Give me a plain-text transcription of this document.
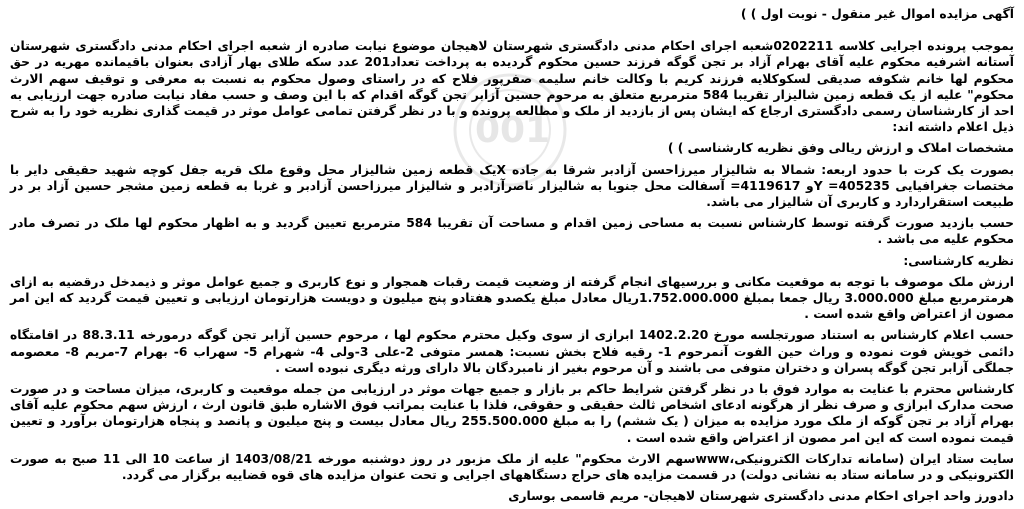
001

آگهی مزایده اموال غیر منقول - نوبت اول ) )

بموجب پرونده اجرایی کلاسه 0202211شعبه اجرای احکام مدنی دادگستری شهرستان لاهیجان موضوع نیابت صادره از شعبه اجرای احکام مدنی دادگستری شهرستان آستانه اشرفیه محکوم علیه آقای بهرام آزاد بر تجن گوگه فرزند حسین محکوم گردیده به پرداخت تعداد201 عدد سکه طلای بهار آزادی بعنوان باقیمانده مهریه در حق محکوم لها خانم شکوفه صدیقی لسکوکلایه فرزند کریم با وکالت خانم سلیمه صفرپور فلاح که در راستای وصول محکوم به نسبت به معرفی و توقیف سهم الارث محکوم" علیه از یک قطعه زمین شالیزار تقریبا 584 مترمربع متعلق به مرحوم حسین آزابر تجن گوگه اقدام که با این وصف و حسب مفاد نیابت صادره جهت ارزیابی به احد از کارشناسان رسمی دادگستری ارجاع که ایشان پس از بازدید از ملک و مطالعه پرونده و با در نظر گرفتن تمامی عوامل موثر در قیمت گذاری نظریه خود را به شرح ذیل اعلام داشته اند:

مشخصات املاک و ارزش ریالی وفق نظریه کارشناسی ) )

بصورت یک کرت با حدود اربعه: شمالا به شالیزار میرزاحسن آزادبر شرقا به جاده Xیک قطعه زمین شالیزار محل وقوع ملک قریه جفل کوچه شهید حقیقی دایر با مختصات جغرافیایی 405235= Yو 4119617= آسفالت محل جنوبا به شالیزار ناصرآزادبر و شالیزار میرزاحسن آزادبر و غربا به قطعه زمین مشجر حسین آزاد بر در طبیعت استقراردارد و کاربری آن شالیزار می باشد.

حسب بازدید صورت گرفته توسط کارشناس نسبت به مساحی زمین اقدام و مساحت آن تقریبا 584 مترمربع تعیین گردید و به اظهار محکوم لها ملک در تصرف مادر محکوم علیه می باشد .

نظریه کارشناسی:

ارزش ملک موصوف با توجه به موقعیت مکانی و بررسیهای انجام گرفته از وضعیت قیمت رقبات همجوار و نوع کاربری و جمیع عوامل موثر و ذیمدخل درقضیه به ازای هرمترمربع مبلغ 3.000.000 ریال جمعا بمبلغ 1.752.000.000ریال معادل مبلغ یکصدو هفتادو پنج میلیون و دویست هزارتومان ارزیابی و تعیین قیمت گردید که این امر مصون از اعتراض واقع شده است .

حسب اعلام کارشناس به استناد صورتجلسه مورخ 1402.2.20 ابرازی از سوی وکیل محترم محکوم لها ، مرحوم حسین آزابر تجن گوگه درمورخه 88.3.11 در اقامتگاه دائمی خویش فوت نموده و وراث حین الفوت آنمرحوم 1- رقیه فلاح بخش نسبت: همسر متوفی 2-علی 3-ولی 4- شهرام 5- سهراب 6- بهرام 7-مریم 8- معصومه جملگی آزابر تجن گوگه پسران و دختران متوفی می باشند و آن مرحوم بغیر از نامبردگان بالا دارای ورثه دیگری نبوده است .

کارشناس محترم با عنایت به موارد فوق با در نظر گرفتن شرایط حاکم بر بازار و جمیع جهات موثر در ارزیابی من جمله موقعیت و کاربری، میزان مساحت و در صورت صحت مدارک ابرازی و صرف نظر از هرگونه ادعای اشخاص ثالث حقیقی و حقوقی، فلذا با عنایت بمراتب فوق الاشاره طبق قانون ارث ، ارزش سهم محکوم علیه آقای بهرام آزاد بر تجن گوکه از ملک مورد مزایده به میزان ( یک ششم) را به مبلغ 255.500.000 ریال معادل بیست و پنج میلیون و پانصد و پنجاه هزارتومان برآورد و تعیین قیمت نموده است که این امر مصون از اعتراض واقع شده است .

سایت ستاد ایران (سامانه تدارکات الکترونیکی،wwwسهم الارث محکوم" علیه از ملک مزبور در روز دوشنبه مورخه 1403/08/21 از ساعت 10 الی 11 صبح به صورت الکترونیکی و در سامانه ستاد به نشانی دولت) در قسمت مزایده های حراج دستگاههای اجرایی و تحت عنوان مزایده های قوه قضاییه برگزار می گردد.

دادورز واحد اجرای احکام مدنی دادگستری شهرستان لاهیجان- مریم قاسمی بوساری
